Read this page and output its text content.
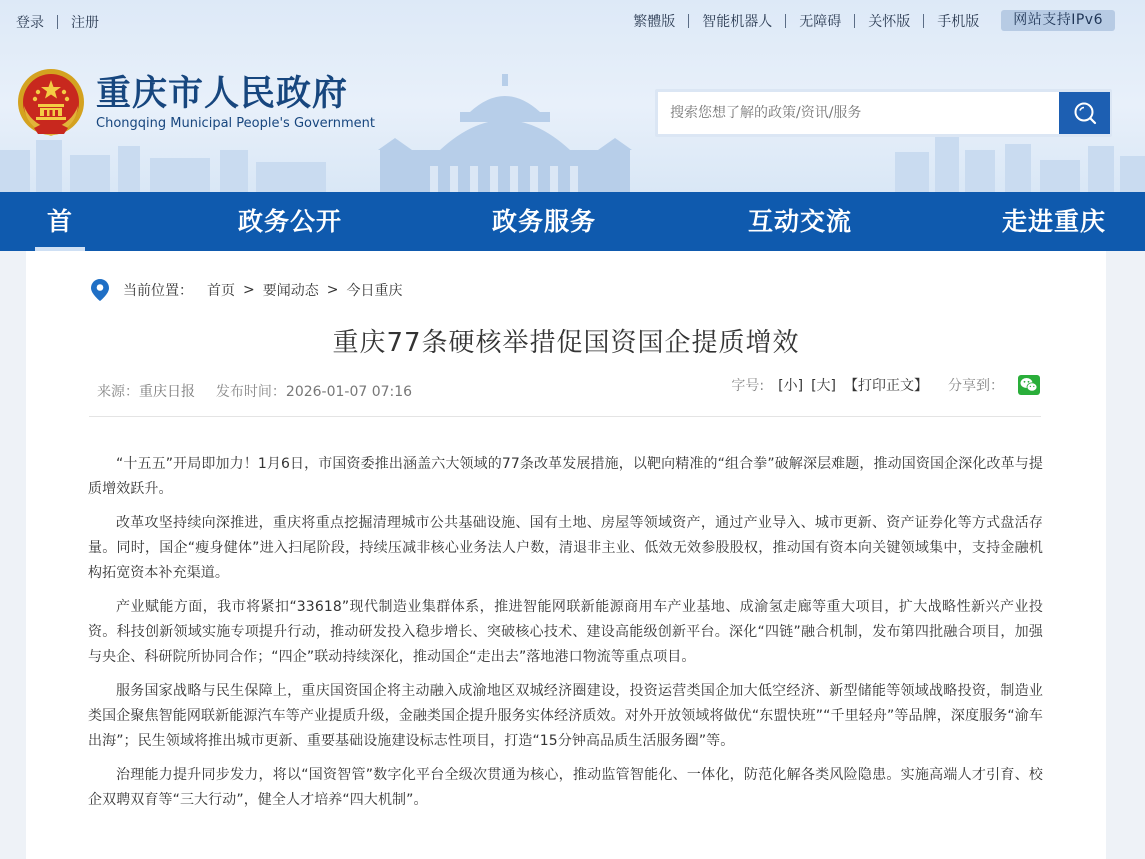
登录 注册	繁體版 智能机器人 无障碍 关怀版 手机版	网站支持IPv6
重庆市人民政府
Chongqing Municipal People's Government
搜索您想了解的政策/资讯/服务
首	政务公开	政务服务	互动交流	走进重庆
当前位置： 首页 > 要闻动态 > 今日重庆
重庆77条硬核举措促国资国企提质增效
来源：重庆日报 发布时间：2026-01-07 07:16	字号: [小] [大] 【打印正文】 分享到：

“十五五”开局即加力！1月6日，市国资委推出涵盖六大领域的77条改革发展措施，以靶向精准的“组合拳”破解深层难题，推动国资国企深化改革与提质增效跃升。

改革攻坚持续向深推进，重庆将重点挖掘清理城市公共基础设施、国有土地、房屋等领域资产，通过产业导入、城市更新、资产证券化等方式盘活存量。同时，国企“瘦身健体”进入扫尾阶段，持续压减非核心业务法人户数，清退非主业、低效无效参股股权，推动国有资本向关键领域集中，支持金融机构拓宽资本补充渠道。

产业赋能方面，我市将紧扣“33618”现代制造业集群体系，推进智能网联新能源商用车产业基地、成渝氢走廊等重大项目，扩大战略性新兴产业投资。科技创新领域实施专项提升行动，推动研发投入稳步增长、突破核心技术、建设高能级创新平台。深化“四链”融合机制，发布第四批融合项目，加强与央企、科研院所协同合作；“四企”联动持续深化，推动国企“走出去”落地港口物流等重点项目。

服务国家战略与民生保障上，重庆国资国企将主动融入成渝地区双城经济圈建设，投资运营类国企加大低空经济、新型储能等领域战略投资，制造业类国企聚焦智能网联新能源汽车等产业提质升级，金融类国企提升服务实体经济质效。对外开放领域将做优“东盟快班”“千里轻舟”等品牌，深度服务“渝车出海”；民生领域将推出城市更新、重要基础设施建设标志性项目，打造“15分钟高品质生活服务圈”等。

治理能力提升同步发力，将以“国资智管”数字化平台全级次贯通为核心，推动监管智能化、一体化，防范化解各类风险隐患。实施高端人才引育、校企双聘双育等“三大行动”，健全人才培养“四大机制”。
